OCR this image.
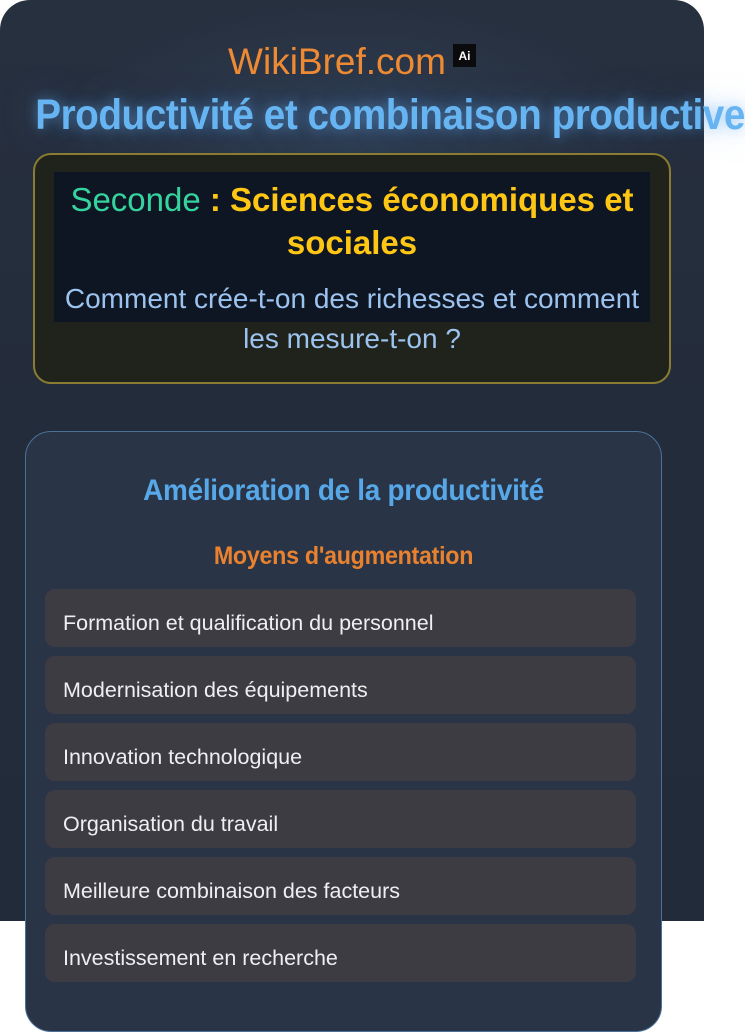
WikiBref.com	Ai
Productivité et combinaison productive
Seconde : Sciences économiques et sociales
Comment crée-t-on des richesses et comment les mesure-t-on ?
Amélioration de la productivité
Moyens d'augmentation
Formation et qualification du personnel
Modernisation des équipements
Innovation technologique
Organisation du travail
Meilleure combinaison des facteurs
Investissement en recherche
